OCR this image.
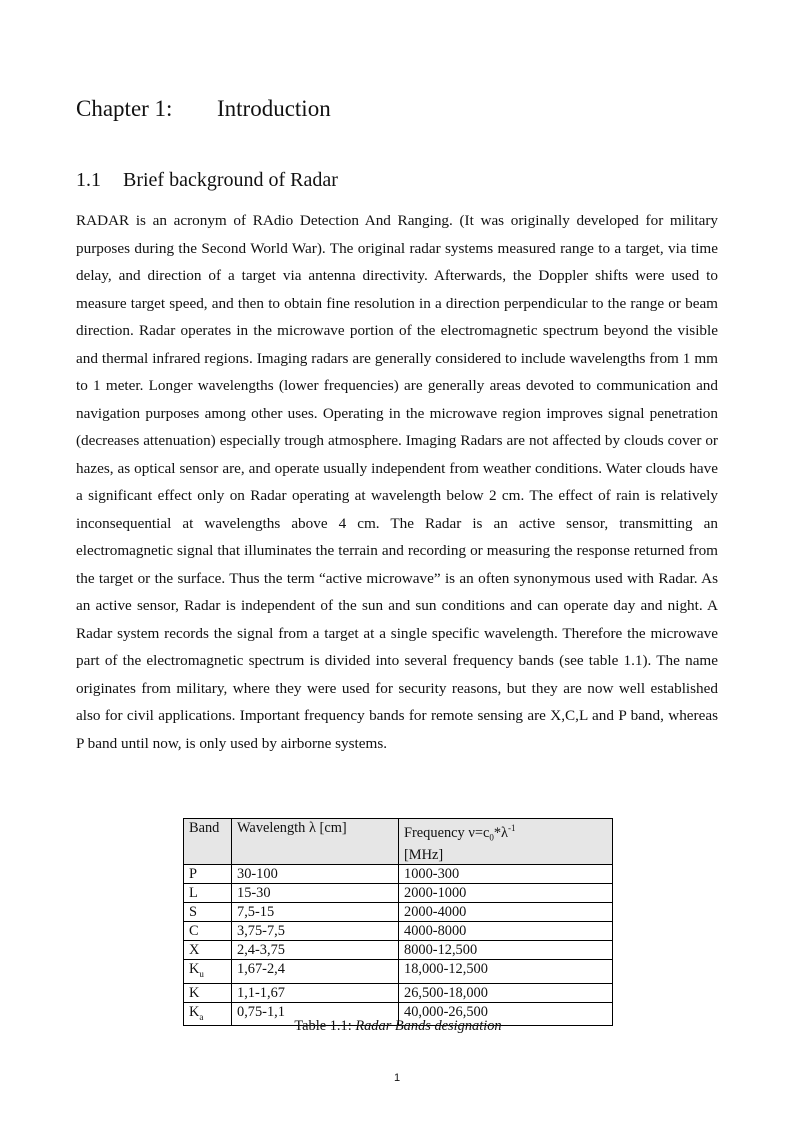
Chapter 1: Introduction
1.1 Brief background of Radar

RADAR is an acronym of RAdio Detection And Ranging. (It was originally developed for military purposes during the Second World War). The original radar systems measured range to a target, via time delay, and direction of a target via antenna directivity. Afterwards, the Doppler shifts were used to measure target speed, and then to obtain fine resolution in a direction perpendicular to the range or beam direction. Radar operates in the microwave portion of the electromagnetic spectrum beyond the visible and thermal infrared regions. Imaging radars are generally considered to include wavelengths from 1 mm to 1 meter. Longer wavelengths (lower frequencies) are generally areas devoted to communication and navigation purposes among other uses. Operating in the microwave region improves signal penetration (decreases attenuation) especially trough atmosphere. Imaging Radars are not affected by clouds cover or hazes, as optical sensor are, and operate usually independent from weather conditions. Water clouds have a significant effect only on Radar operating at wavelength below 2 cm. The effect of rain is relatively inconsequential at wavelengths above 4 cm. The Radar is an active sensor, transmitting an electromagnetic signal that illuminates the terrain and recording or measuring the response returned from the target or the surface. Thus the term “active microwave” is an often synonymous used with Radar. As an active sensor, Radar is independent of the sun and sun conditions and can operate day and night. A Radar system records the signal from a target at a single specific wavelength. Therefore the microwave part of the electromagnetic spectrum is divided into several frequency bands (see table 1.1). The name originates from military, where they were used for security reasons, but they are now well established also for civil applications. Important frequency bands for remote sensing are X,C,L and P band, whereas P band until now, is only used by airborne systems.

Band	Wavelength λ [cm]	Frequency $\nu=c_0*\lambda^{-1}$
[MHz]
P	30-100	1000-300
L	15-30	2000-1000
S	7,5-15	2000-4000
C	3,75-7,5	4000-8000
X	2,4-3,75	8000-12,500
$K_u$	1,67-2,4	18,000-12,500
K	1,1-1,67	26,500-18,000
$K_a$	0,75-1,1	40,000-26,500
Table 1.1: Radar Bands designation
1
